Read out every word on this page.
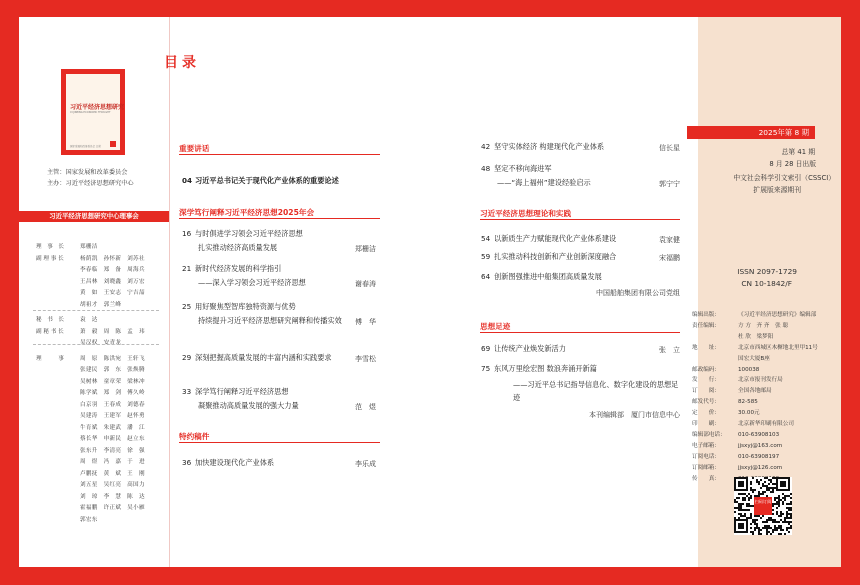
习近平经济思想研究
XI JINPING ECONOMIC THOUGHT
国家发展和改革委员会 主管
主管：国家发展和改革委员会
主办：习近平经济思想研究中心
习近平经济思想研究中心理事会
理　事　长	郑栅洁
副 理 事 长	杨荫凯　孙怀新　刘苏社
李春临　郑　备　周海兵
王昌林　刘晓鑫　刘万宏
黄　如　王安志　宁吉喆
胡祖才　郭兰峰
秘　书　长	袁　达
副 秘 书 长	萧　毅　周　陈　孟　玮
吴汉权　安青龙
理　　　事	周　原　陈洪宛　王轩飞
张建民　郭　东　张焕腾
吴树林　童章荣　梁林冲
陈学斌　郑　剑　傅久岭
白京羽　王春成　刘德春
吴建涛　王建军　赵怀勇
牛育斌　朱建武　潘　江
蔡长华　申新民　赵立东
张东升　李清亮　徐　强
周　煜　冯　嘉　于　进
卢鹏抚　黄　斌　王　刚
刘五星　吴红亮　高国力
刘　琼　李　慧　陈　达
霍福鹏　许正斌　吴小雁
郭宏东
目录
重要讲话
04 习近平总书记关于现代化产业体系的重要论述
深学笃行阐释习近平经济思想2025年会
16 与时俱进学习领会习近平经济思想
扎实推动经济高质量发展	郑栅洁
21 新时代经济发展的科学指引
——深入学习领会习近平经济思想	谢春涛
25 用好聚焦型智库独特资源与优势
持续提升习近平经济思想研究阐释和传播实效 傅　华
29 深刻把握高质量发展的丰富内涵和实践要求	李雪松
33 深学笃行阐释习近平经济思想
凝聚推动高质量发展的强大力量	范　煜
特约稿件
36 加快建设现代化产业体系	李乐成
42 坚守实体经济 构建现代化产业体系	信长星
48 坚定不移向海进军
——“海上福州”建设经验启示	郭宁宁
习近平经济思想理论和实践
54 以新质生产力赋能现代化产业体系建设	袁家健
59 扎实推动科技创新和产业创新深度融合	宋福鹏
64 创新图强推进中船集团高质量发展
中国船舶集团有限公司党组
思想足迹
69 让传统产业焕发新活力	张　立
75 东风万里绘宏图 数浪奔涌开新篇
——习近平总书记指导信息化、数字化建设的思想足迹
本刊编辑部　厦门市信息中心
2025年第 8 期
总第 41 期
8 月 28 日出版
中文社会科学引文索引（CSSCI）
扩展版来源期刊
ISSN 2097-1729
CN 10-1842/F
编辑出版：	《习近平经济思想研究》编辑部
责任编辑：	方 方　齐 齐　张 聪
杜 欣　梁梦阳
地　　址：	北京市西城区木樨地北里甲11号
国宏大厦B座
邮政编码：	100038
发　　行：	北京市报刊发行局
订　　阅：	全国各地邮局
邮发代号：	82-585
定　　价：	30.00元
印　　刷：	北京新华印刷有限公司
编辑部电话： 010-63908103
电子邮箱：	jjsxyj@163.com
订阅电话：	010-63908197
订阅邮箱：	jjsxyj@126.com
传　　真：
扫码订阅
